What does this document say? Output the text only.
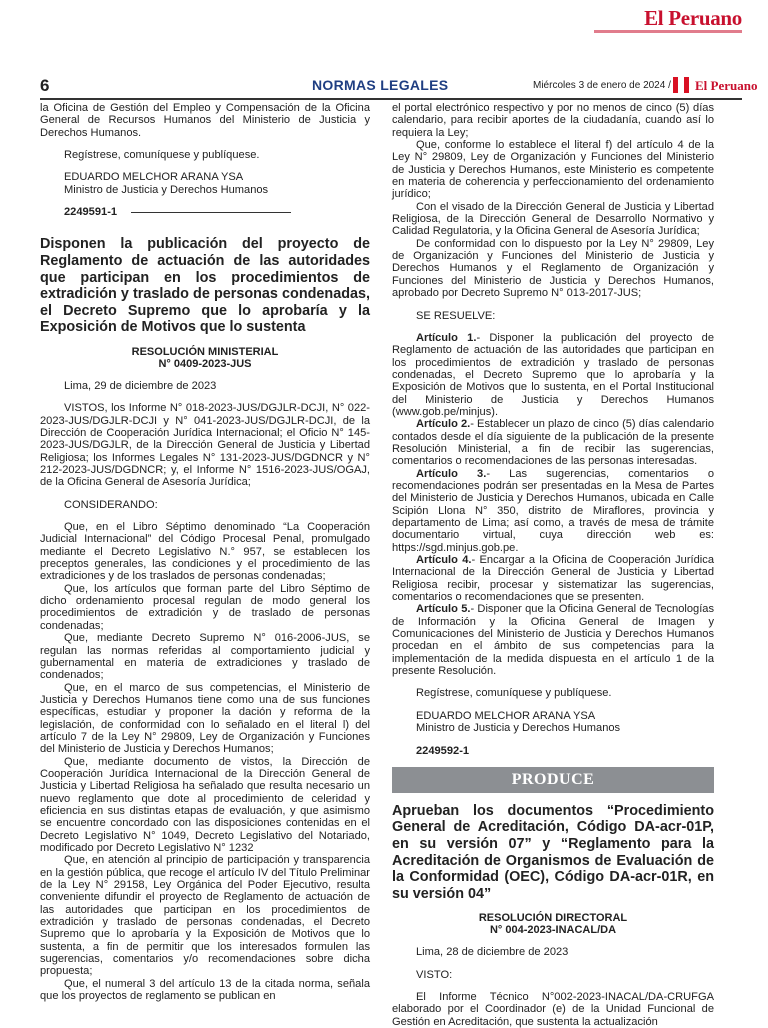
El Peruano
6	NORMAS LEGALES	Miércoles 3 de enero de 2024 / El Peruano

la Oficina de Gestión del Empleo y Compensación de la Oficina General de Recursos Humanos del Ministerio de Justicia y Derechos Humanos.

Regístrese, comuníquese y publíquese.

EDUARDO MELCHOR ARANA YSA

Ministro de Justicia y Derechos Humanos

2249591-1

Disponen la publicación del proyecto de Reglamento de actuación de las autoridades que participan en los procedimientos de extradición y traslado de personas condenadas, el Decreto Supremo que lo aprobaría y la Exposición de Motivos que lo sustenta

RESOLUCIÓN MINISTERIAL

N° 0409-2023-JUS

Lima, 29 de diciembre de 2023

VISTOS, los Informe N° 018-2023-JUS/DGJLR-DCJI, N° 022-2023-JUS/DGJLR-DCJI y N° 041-2023-JUS/DGJLR-DCJI, de la Dirección de Cooperación Jurídica Internacional; el Oficio N° 145-2023-JUS/DGJLR, de la Dirección General de Justicia y Libertad Religiosa; los Informes Legales N° 131-2023-JUS/DGDNCR y N° 212-2023-JUS/DGDNCR; y, el Informe N° 1516-2023-JUS/OGAJ, de la Oficina General de Asesoría Jurídica;

CONSIDERANDO:

Que, en el Libro Séptimo denominado “La Cooperación Judicial Internacional” del Código Procesal Penal, promulgado mediante el Decreto Legislativo N.° 957, se establecen los preceptos generales, las condiciones y el procedimiento de las extradiciones y de los traslados de personas condenadas;

Que, los artículos que forman parte del Libro Séptimo de dicho ordenamiento procesal regulan de modo general los procedimientos de extradición y de traslado de personas condenadas;

Que, mediante Decreto Supremo N° 016-2006-JUS, se regulan las normas referidas al comportamiento judicial y gubernamental en materia de extradiciones y traslado de condenados;

Que, en el marco de sus competencias, el Ministerio de Justicia y Derechos Humanos tiene como una de sus funciones específicas, estudiar y proponer la dación y reforma de la legislación, de conformidad con lo señalado en el literal l) del artículo 7 de la Ley N° 29809, Ley de Organización y Funciones del Ministerio de Justicia y Derechos Humanos;

Que, mediante documento de vistos, la Dirección de Cooperación Jurídica Internacional de la Dirección General de Justicia y Libertad Religiosa ha señalado que resulta necesario un nuevo reglamento que dote al procedimiento de celeridad y eficiencia en sus distintas etapas de evaluación, y que asimismo se encuentre concordado con las disposiciones contenidas en el Decreto Legislativo N° 1049, Decreto Legislativo del Notariado, modificado por Decreto Legislativo N° 1232

Que, en atención al principio de participación y transparencia en la gestión pública, que recoge el artículo IV del Título Preliminar de la Ley N° 29158, Ley Orgánica del Poder Ejecutivo, resulta conveniente difundir el proyecto de Reglamento de actuación de las autoridades que participan en los procedimientos de extradición y traslado de personas condenadas, el Decreto Supremo que lo aprobaría y la Exposición de Motivos que lo sustenta, a fin de permitir que los interesados formulen las sugerencias, comentarios y/o recomendaciones sobre dicha propuesta;

Que, el numeral 3 del artículo 13 de la citada norma, señala que los proyectos de reglamento se publican en

el portal electrónico respectivo y por no menos de cinco (5) días calendario, para recibir aportes de la ciudadanía, cuando así lo requiera la Ley;

Que, conforme lo establece el literal f) del artículo 4 de la Ley N° 29809, Ley de Organización y Funciones del Ministerio de Justicia y Derechos Humanos, este Ministerio es competente en materia de coherencia y perfeccionamiento del ordenamiento jurídico;

Con el visado de la Dirección General de Justicia y Libertad Religiosa, de la Dirección General de Desarrollo Normativo y Calidad Regulatoria, y la Oficina General de Asesoría Jurídica;

De conformidad con lo dispuesto por la Ley N° 29809, Ley de Organización y Funciones del Ministerio de Justicia y Derechos Humanos y el Reglamento de Organización y Funciones del Ministerio de Justicia y Derechos Humanos, aprobado por Decreto Supremo N° 013-2017-JUS;

SE RESUELVE:

Artículo 1.- Disponer la publicación del proyecto de Reglamento de actuación de las autoridades que participan en los procedimientos de extradición y traslado de personas condenadas, el Decreto Supremo que lo aprobaría y la Exposición de Motivos que lo sustenta, en el Portal Institucional del Ministerio de Justicia y Derechos Humanos (www.gob.pe/minjus).

Artículo 2.- Establecer un plazo de cinco (5) días calendario contados desde el día siguiente de la publicación de la presente Resolución Ministerial, a fin de recibir las sugerencias, comentarios o recomendaciones de las personas interesadas.

Artículo 3.- Las sugerencias, comentarios o recomendaciones podrán ser presentadas en la Mesa de Partes del Ministerio de Justicia y Derechos Humanos, ubicada en Calle Scipión Llona N° 350, distrito de Miraflores, provincia y departamento de Lima; así como, a través de mesa de trámite documentario virtual, cuya dirección web es: https://sgd.minjus.gob.pe.

Artículo 4.- Encargar a la Oficina de Cooperación Jurídica Internacional de la Dirección General de Justicia y Libertad Religiosa recibir, procesar y sistematizar las sugerencias, comentarios o recomendaciones que se presenten.

Artículo 5.- Disponer que la Oficina General de Tecnologías de Información y la Oficina General de Imagen y Comunicaciones del Ministerio de Justicia y Derechos Humanos procedan en el ámbito de sus competencias para la implementación de la medida dispuesta en el artículo 1 de la presente Resolución.

Regístrese, comuníquese y publíquese.

EDUARDO MELCHOR ARANA YSA

Ministro de Justicia y Derechos Humanos

2249592-1

PRODUCE

Aprueban los documentos “Procedimiento General de Acreditación, Código DA-acr-01P, en su versión 07” y “Reglamento para la Acreditación de Organismos de Evaluación de la Conformidad (OEC), Código DA-acr-01R, en su versión 04”

RESOLUCIÓN DIRECTORAL

N° 004-2023-INACAL/DA

Lima, 28 de diciembre de 2023

VISTO:

El Informe Técnico N°002-2023-INACAL/DA-CRUFGA elaborado por el Coordinador (e) de la Unidad Funcional de Gestión en Acreditación, que sustenta la actualización
